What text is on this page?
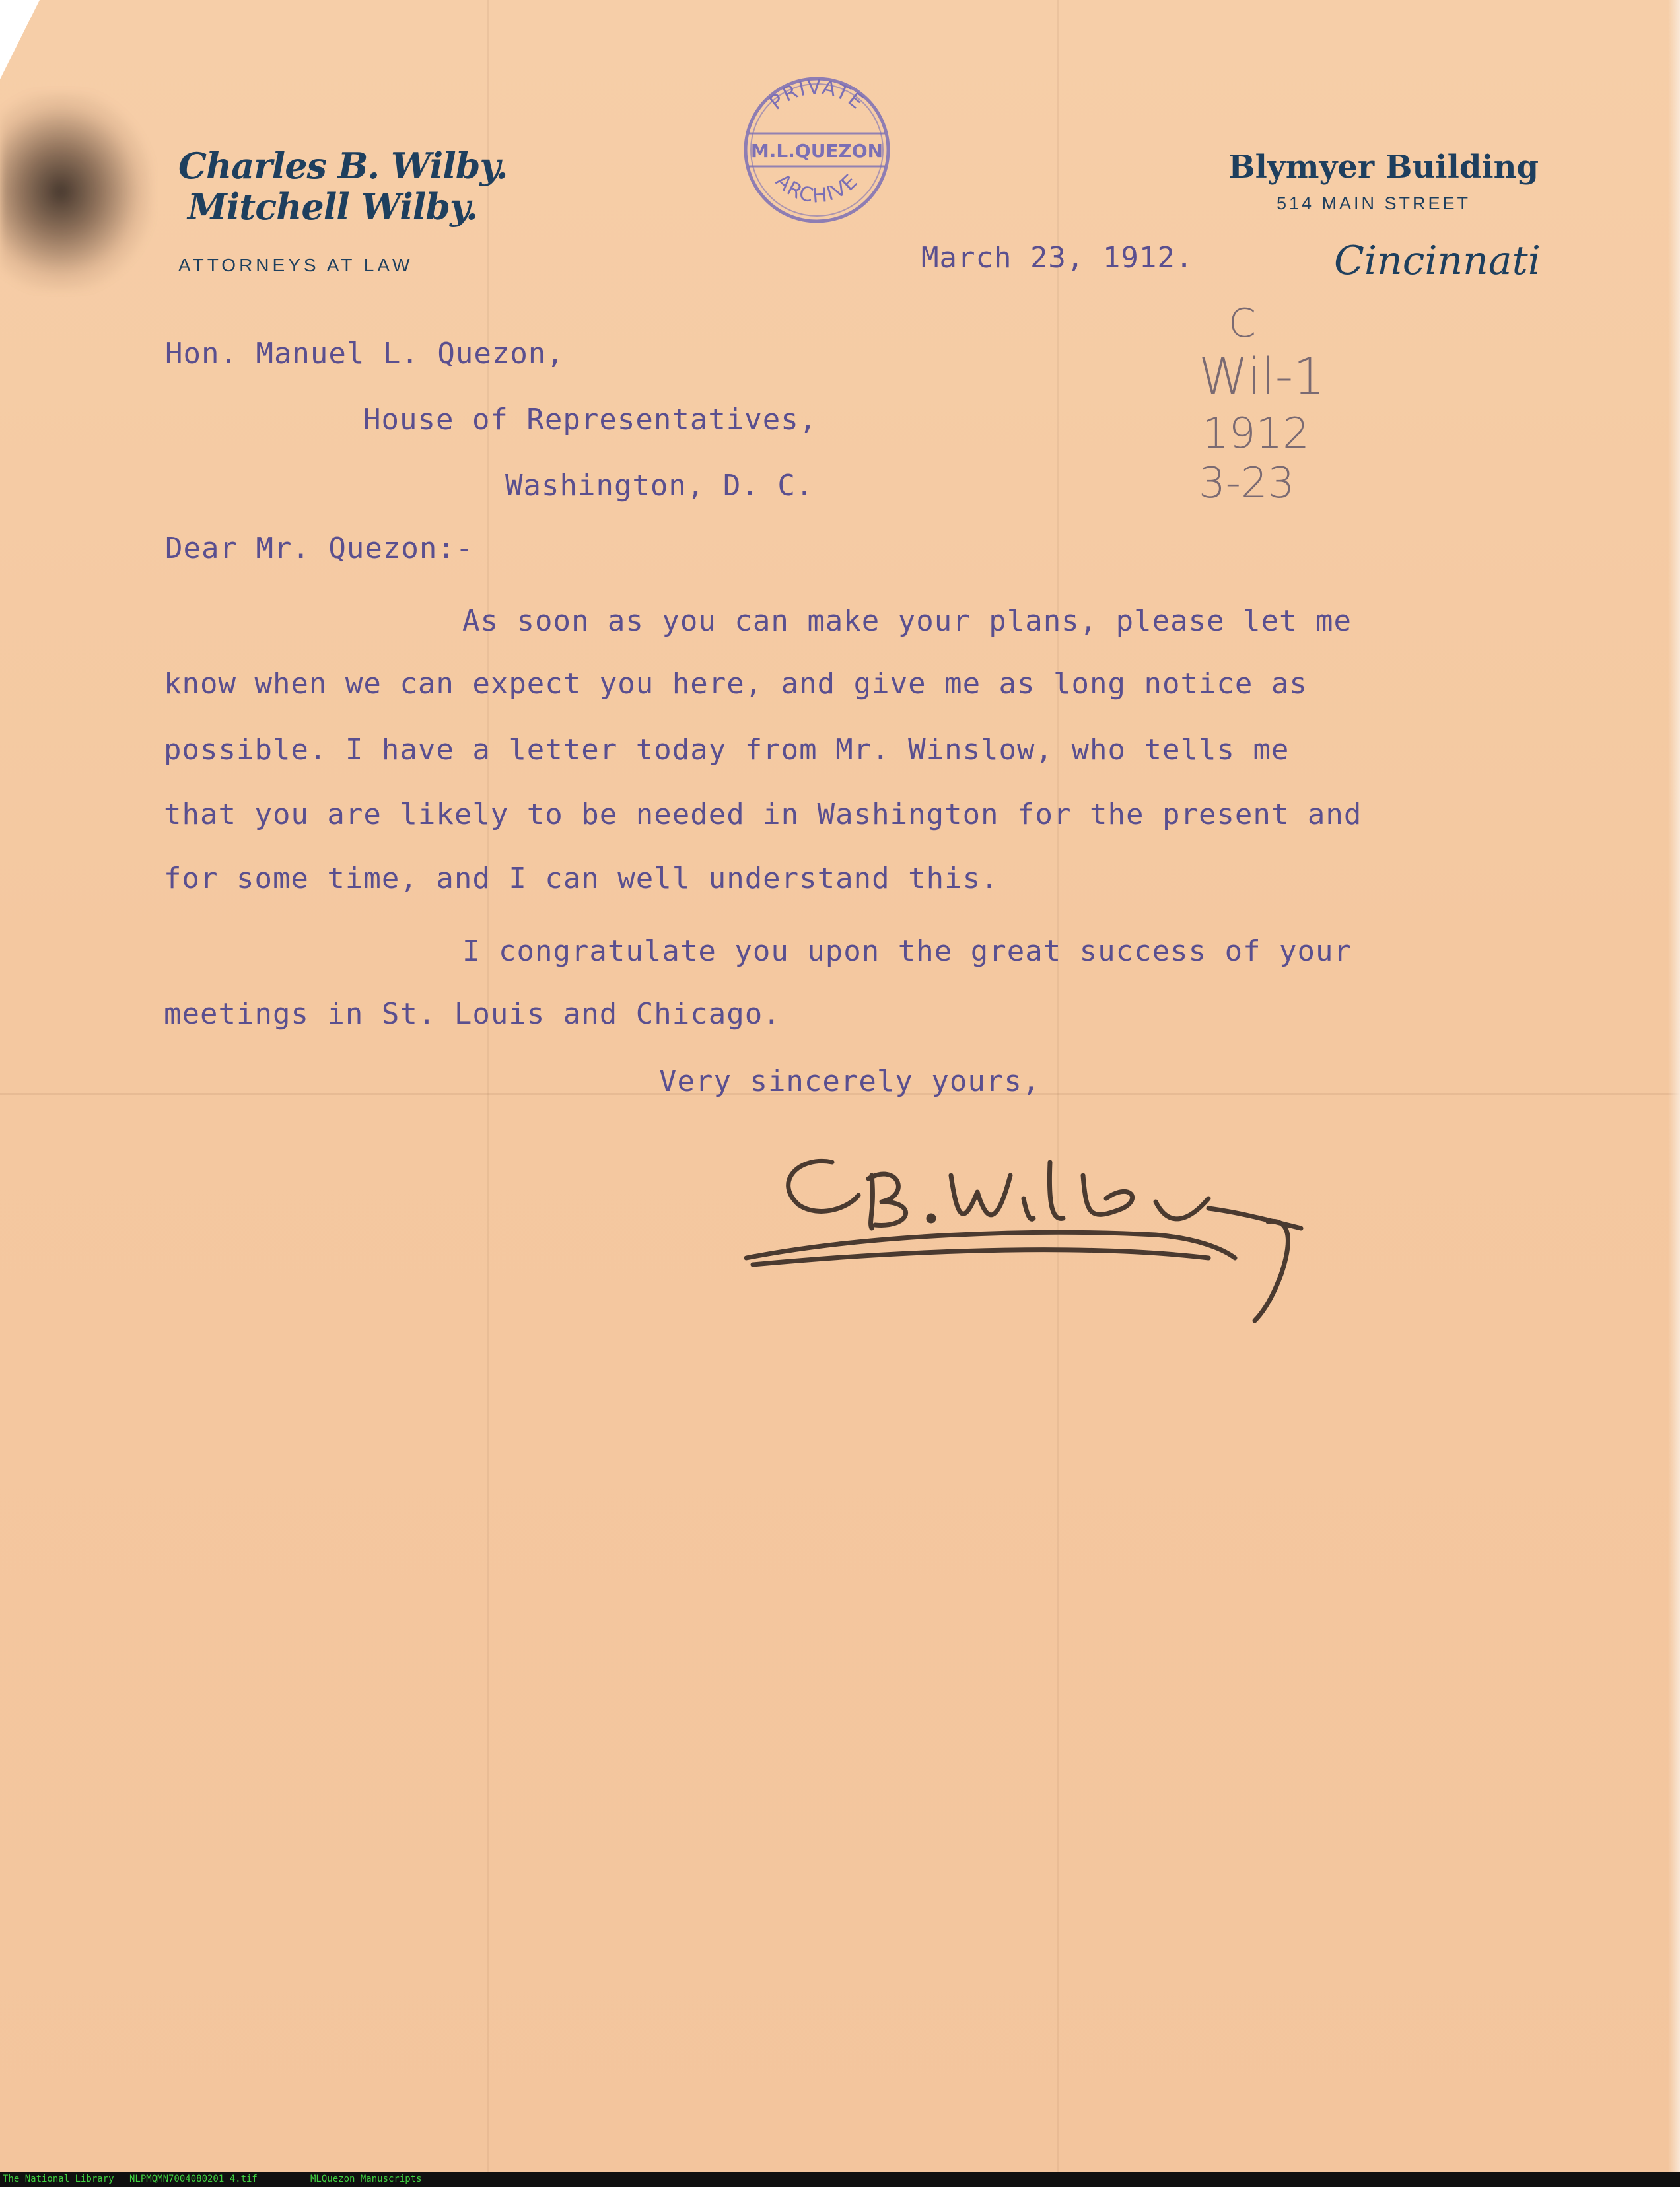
Charles B. Wilby.
Mitchell Wilby.
ATTORNEYS AT LAW
Blymyer Building
514 MAIN STREET
Cincinnati
PRIVATE
M.L.QUEZON
ARCHIVE
March 23, 1912.
Hon. Manuel L. Quezon,
House of Representatives,
Washington, D. C.
C
Wil-1
1912
3-23
Dear Mr. Quezon:-
As soon as you can make your plans, please let me
know when we can expect you here, and give me as long notice as
possible. I have a letter today from Mr. Winslow, who tells me
that you are likely to be needed in Washington for the present and
for some time, and I can well understand this.
I congratulate you upon the great success of your
meetings in St. Louis and Chicago.
Very sincerely yours,
C.B.Wilby
The National Library NLPMQMN7004080201 4.tif	MLQuezon Manuscripts
